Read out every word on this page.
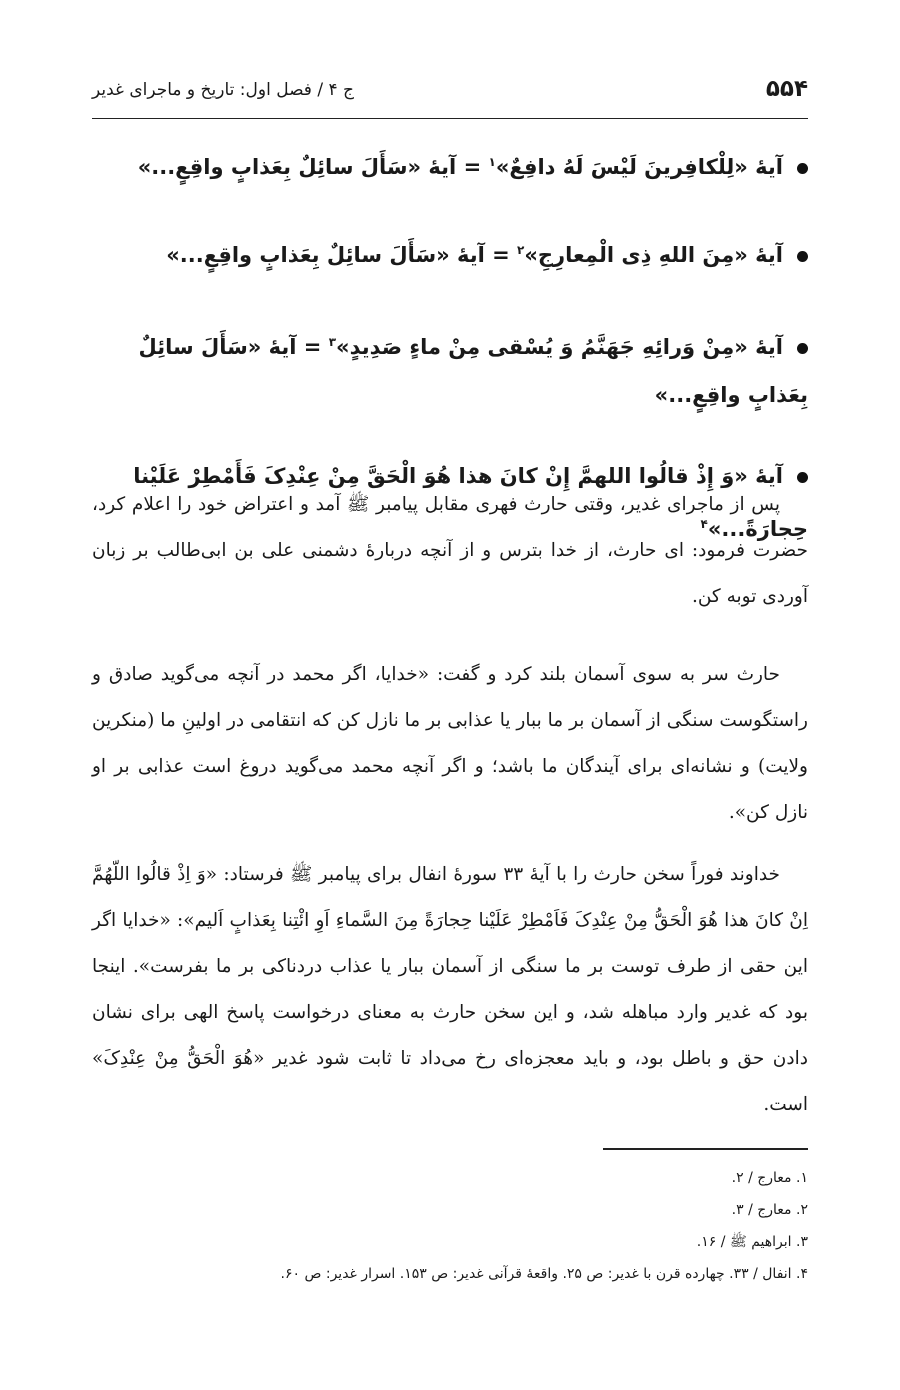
۵۵۴
ج ۴ / فصل اول: تاریخ و ماجرای غدیر
آیهٔ «لِلْکافِرینَ لَیْسَ لَهُ دافِعٌ»$^۱$ = آیهٔ «سَأَلَ سائِلٌ بِعَذابٍ واقِعٍ...»
آیهٔ «مِنَ اللهِ ذِی الْمِعارِجِ»$^۲$ = آیهٔ «سَأَلَ سائِلٌ بِعَذابٍ واقِعٍ...»
آیهٔ «مِنْ وَرائِهِ جَهَنَّمُ وَ یُسْقی مِنْ ماءٍ صَدِیدٍ»$^۳$ = آیهٔ «سَأَلَ سائِلٌ بِعَذابٍ واقِعٍ...»
آیهٔ «وَ إِذْ قالُوا اللهمَّ إِنْ کانَ هذا هُوَ الْحَقَّ مِنْ عِنْدِکَ فَأَمْطِرْ عَلَیْنا حِجارَةً...»$^۴$

پس از ماجرای غدیر، وقتی حارث فهری مقابل پیامبر ﷺ آمد و اعتراض خود را اعلام کرد، حضرت فرمود: ای حارث، از خدا بترس و از آنچه دربارهٔ دشمنی علی بن ابی‌طالب بر زبان آوردی توبه کن.

حارث سر به سوی آسمان بلند کرد و گفت: «خدایا، اگر محمد در آنچه می‌گوید صادق و راستگوست سنگی از آسمان بر ما ببار یا عذابی بر ما نازل کن که انتقامی در اولینِ ما (منکرین ولایت) و نشانه‌ای برای آیندگان ما باشد؛ و اگر آنچه محمد می‌گوید دروغ است عذابی بر او نازل کن».

خداوند فوراً سخن حارث را با آیهٔ ۳۳ سورهٔ انفال برای پیامبر ﷺ فرستاد: «وَ اِذْ قالُوا اللّهُمَّ اِنْ کانَ هذا هُوَ الْحَقُّ مِنْ عِنْدِکَ فَاَمْطِرْ عَلَیْنا حِجارَةً مِنَ السَّماءِ اَوِ ائْتِنا بِعَذابٍ اَلیم»: «خدایا اگر این حقی از طرف توست بر ما سنگی از آسمان ببار یا عذاب دردناکی بر ما بفرست». اینجا بود که غدیر وارد مباهله شد، و این سخن حارث به معنای درخواست پاسخ الهی برای نشان دادن حق و باطل بود، و باید معجزه‌ای رخ می‌داد تا ثابت شود غدیر «هُوَ الْحَقُّ مِنْ عِنْدِکَ» است.

۱. معارج / ۲.
۲. معارج / ۳.
۳. ابراهیم ﷺ / ۱۶.
۴. انفال / ۳۳. چهارده قرن با غدیر: ص ۲۵. واقعهٔ قرآنی غدیر: ص ۱۵۳. اسرار غدیر: ص ۶۰.
